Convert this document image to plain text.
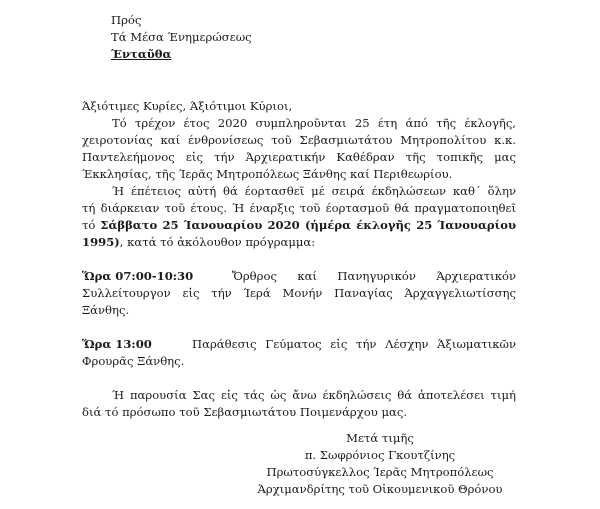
Πρός
Τά Μέσα Ένημερώσεως
Ένταῦθα
Άξιότιμες Κυρίες, Άξιότιμοι Κύριοι,
Τό τρέχον έτος 2020 συμπληροῦνται 25 έτη άπό τῆς έκλογῆς,
χειροτονίας καί ένθρονίσεως τοῦ Σεβασμιωτάτου Μητροπολίτου κ.κ.
Παντελεήμονος εἰς τήν Άρχιερατικήν Καθέδραν τῆς τοπικῆς μας
Έκκλησίας, τῆς Ίερᾶς Μητροπόλεως Ξάνθης καί Περιθεωρίου.
Ή έπέτειος αὐτή θά έορτασθεῖ μέ σειρά έκδηλώσεων καθ΄ ὅλην
τή διάρκειαν τοῦ έτους. Ή έναρξις τοῦ έορτασμοῦ θά πραγματοποιηθεῖ
τό Σάββατο 25 Ίανουαρίου 2020 (ἡμέρα έκλογῆς 25 Ίανουαρίου
1995), κατά τό ἀκόλουθον πρόγραμμα:
Ὥρα 07:00-10:30	Ὄρθρος καί Πανηγυρικόν Άρχιερατικόν
Συλλείτουργον εἰς τήν Ίερά Μονήν Παναγίας Άρχαγγελιωτίσσης
Ξάνθης.
Ὥρα 13:00	Παράθεσις Γεύματος εἰς τήν Λέσχην Άξιωματικῶν
Φρουρᾶς Ξάνθης.
Ή παρουσία Σας εἰς τάς ὡς ἄνω έκδηλώσεις θά ἀποτελέσει τιμή
διά τό πρόσωπο τοῦ Σεβασμιωτάτου Ποιμενάρχου μας.
Μετά τιμῆς
π. Σωφρόνιος Γκουτζίνης
Πρωτοσύγκελλος Ίερᾶς Μητροπόλεως
Άρχιμανδρίτης τοῦ Οἰκουμενικοῦ Θρόνου
